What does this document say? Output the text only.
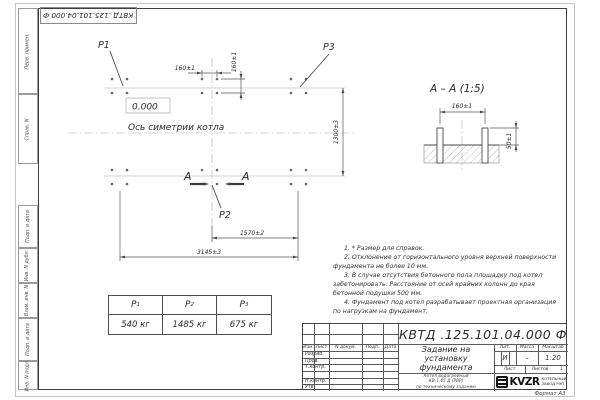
Перв. примен.
Справ. N
Подп. и дата
Инв. N дубл.
Взам. инв. N
Подп. и дата
Инв. N подл.
КВТД .125.101.04.000 Ф
P1	P3
P2
0.000
Ось симетрии котла
160±1	160±1
1300±3
1570±2
3145±3
А	А
А – А (1:5)
160±1
50±1

1. * Размер для справок.

2. Отклонение от горизонтального уровня верхней поверхности фундамента не более 10 мм.

3. В случае отсутствия бетонного пола площадку под котел забетонировать. Расстояние от осей крайних колонн до края бетонной подушки 500 мм.

4. Фундамент под котел разрабатывает проектная организация по нагрузкам на фундамент.

P 1	P 2	P 3
540 кг	1485 кг	675 кг
Изм. Лист	N докум.	Подп.	Дата
Разраб.
Пров.
Т.контр.
Н.контр.
Утв.
КВТД .125.101.04.000 Ф
Задание на
установку
фундамента
Котел водогрейный
КВ-1,45 Д (РВР)
по техническому заданию
Лит.	Масса	Масштаб
И	–	1:20
Лист	Листов	1
KVZR КОТЕЛЬНЫЙ
ЗАВОД РЭП
Формат А3
